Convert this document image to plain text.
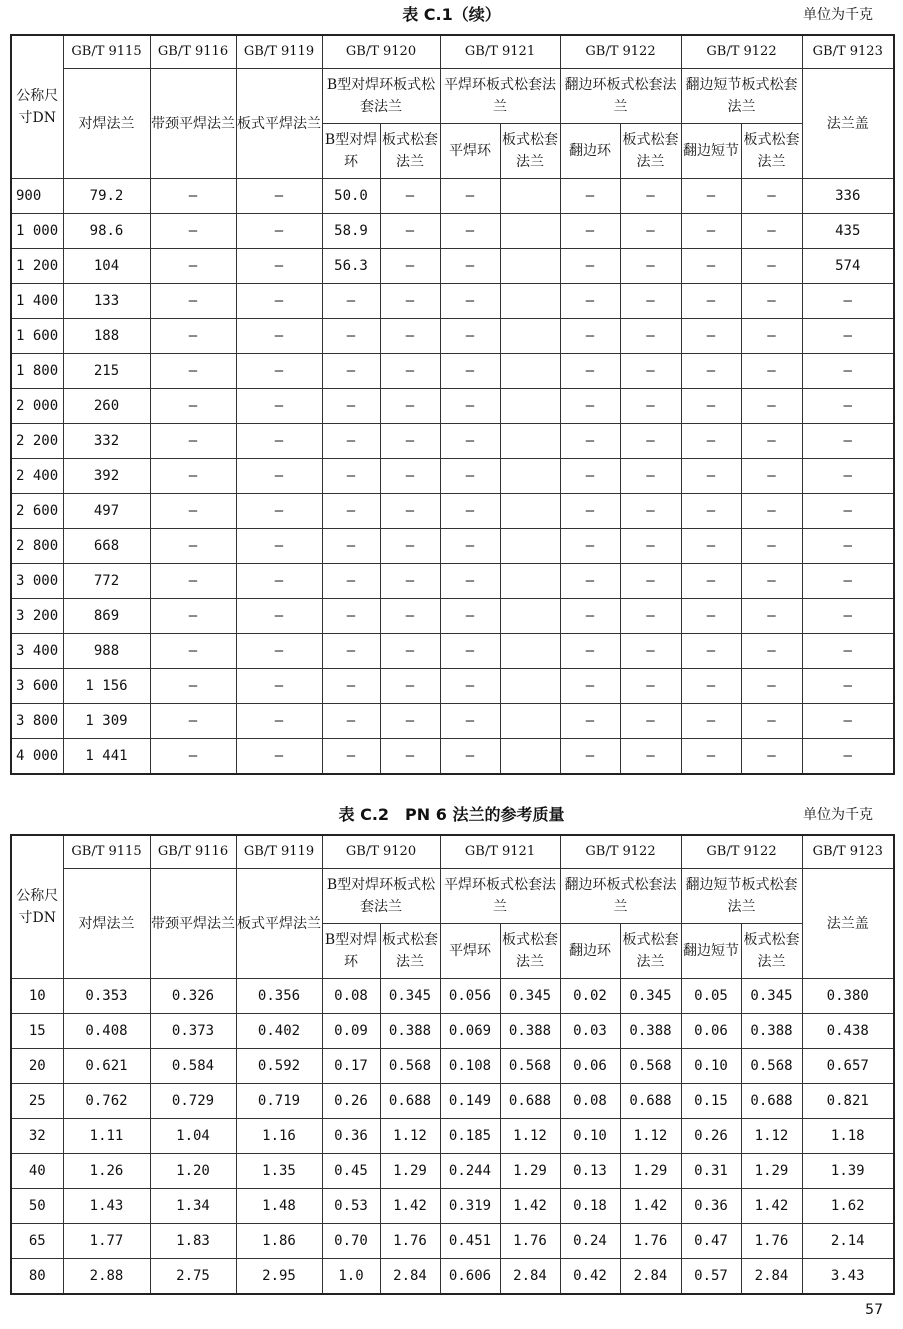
表 C.1（续）	单位为千克
公称尺寸DN	GB/T 9115	GB/T 9116	GB/T 9119	GB/T 9120		GB/T 9121		GB/T 9122		GB/T 9122		GB/T 9123
	对焊法兰	带颈平焊法兰	板式平焊法兰	B型对焊环板式松套法兰		平焊环板式松套法兰		翻边环板式松套法兰		翻边短节板式松套法兰		法兰盖
				B型对焊环	板式松套法兰	平焊环	板式松套法兰	翻边环	板式松套法兰	翻边短节	板式松套法兰	
900	79.2	—	—	50.0	—	—		—	—	—	—	336
1 000	98.6	—	—	58.9	—	—		—	—	—	—	435
1 200	104	—	—	56.3	—	—		—	—	—	—	574
1 400	133	—	—	—	—	—		—	—	—	—	—
1 600	188	—	—	—	—	—		—	—	—	—	—
1 800	215	—	—	—	—	—		—	—	—	—	—
2 000	260	—	—	—	—	—		—	—	—	—	—
2 200	332	—	—	—	—	—		—	—	—	—	—
2 400	392	—	—	—	—	—		—	—	—	—	—
2 600	497	—	—	—	—	—		—	—	—	—	—
2 800	668	—	—	—	—	—		—	—	—	—	—
3 000	772	—	—	—	—	—		—	—	—	—	—
3 200	869	—	—	—	—	—		—	—	—	—	—
3 400	988	—	—	—	—	—		—	—	—	—	—
3 600	1 156	—	—	—	—	—		—	—	—	—	—
3 800	1 309	—	—	—	—	—		—	—	—	—	—
4 000	1 441	—	—	—	—	—		—	—	—	—	—
表 C.2　PN 6 法兰的参考质量	单位为千克
公称尺寸DN	GB/T 9115	GB/T 9116	GB/T 9119	GB/T 9120		GB/T 9121		GB/T 9122		GB/T 9122		GB/T 9123
	对焊法兰	带颈平焊法兰	板式平焊法兰	B型对焊环板式松套法兰		平焊环板式松套法兰		翻边环板式松套法兰		翻边短节板式松套法兰		法兰盖
				B型对焊环	板式松套法兰	平焊环	板式松套法兰	翻边环	板式松套法兰	翻边短节	板式松套法兰	
10	0.353	0.326	0.356	0.08	0.345	0.056	0.345	0.02	0.345	0.05	0.345	0.380
15	0.408	0.373	0.402	0.09	0.388	0.069	0.388	0.03	0.388	0.06	0.388	0.438
20	0.621	0.584	0.592	0.17	0.568	0.108	0.568	0.06	0.568	0.10	0.568	0.657
25	0.762	0.729	0.719	0.26	0.688	0.149	0.688	0.08	0.688	0.15	0.688	0.821
32	1.11	1.04	1.16	0.36	1.12	0.185	1.12	0.10	1.12	0.26	1.12	1.18
40	1.26	1.20	1.35	0.45	1.29	0.244	1.29	0.13	1.29	0.31	1.29	1.39
50	1.43	1.34	1.48	0.53	1.42	0.319	1.42	0.18	1.42	0.36	1.42	1.62
65	1.77	1.83	1.86	0.70	1.76	0.451	1.76	0.24	1.76	0.47	1.76	2.14
80	2.88	2.75	2.95	1.0	2.84	0.606	2.84	0.42	2.84	0.57	2.84	3.43
57
